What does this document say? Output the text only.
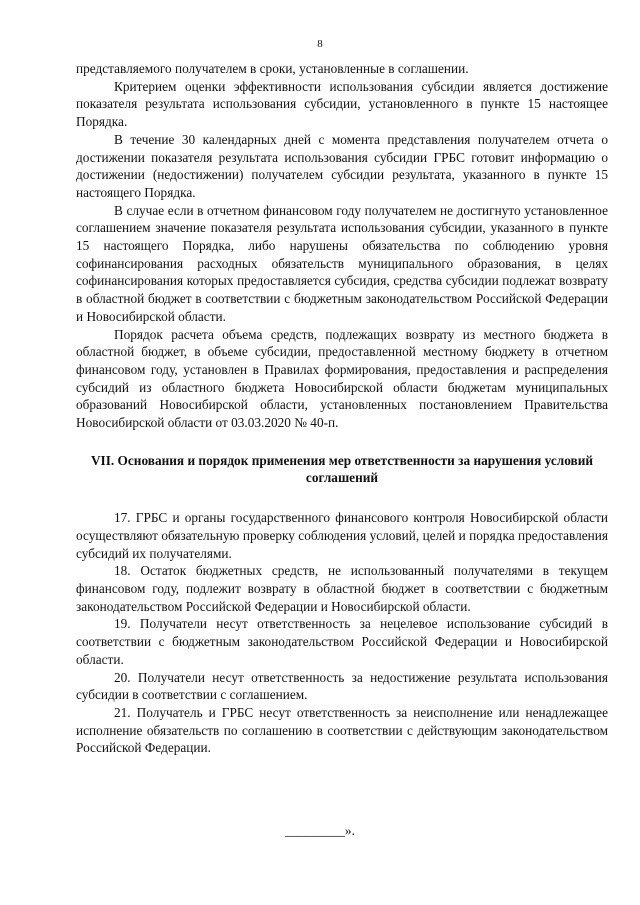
8

представляемого получателем в сроки, установленные в соглашении.

Критерием оценки эффективности использования субсидии является достижение показателя результата использования субсидии, установленного в пункте 15 настоящее Порядка.

В течение 30 календарных дней с момента представления получателем отчета о достижении показателя результата использования субсидии ГРБС готовит информацию о достижении (недостижении) получателем субсидии результата, указанного в пункте 15 настоящего Порядка.

В случае если в отчетном финансовом году получателем не достигнуто установленное соглашением значение показателя результата использования субсидии, указанного в пункте 15 настоящего Порядка, либо нарушены обязательства по соблюдению уровня софинансирования расходных обязательств муниципального образования, в целях софинансирования которых предоставляется субсидия, средства субсидии подлежат возврату в областной бюджет в соответствии с бюджетным законодательством Российской Федерации и Новосибирской области.

Порядок расчета объема средств, подлежащих возврату из местного бюджета в областной бюджет, в объеме субсидии, предоставленной местному бюджету в отчетном финансовом году, установлен в Правилах формирования, предоставления и распределения субсидий из областного бюджета Новосибирской области бюджетам муниципальных образований Новосибирской области, установленных постановлением Правительства Новосибирской области от 03.03.2020 № 40-п.

VII. Основания и порядок применения мер ответственности за нарушения условий соглашений

17. ГРБС и органы государственного финансового контроля Новосибирской области осуществляют обязательную проверку соблюдения условий, целей и порядка предоставления субсидий их получателями.

18. Остаток бюджетных средств, не использованный получателями в текущем финансовом году, подлежит возврату в областной бюджет в соответствии с бюджетным законодательством Российской Федерации и Новосибирской области.

19. Получатели несут ответственность за нецелевое использование субсидий в соответствии с бюджетным законодательством Российской Федерации и Новосибирской области.

20. Получатели несут ответственность за недостижение результата использования субсидии в соответствии с соглашением.

21. Получатель и ГРБС несут ответственность за неисполнение или ненадлежащее исполнение обязательств по соглашению в соответствии с действующим законодательством Российской Федерации.

_________».
